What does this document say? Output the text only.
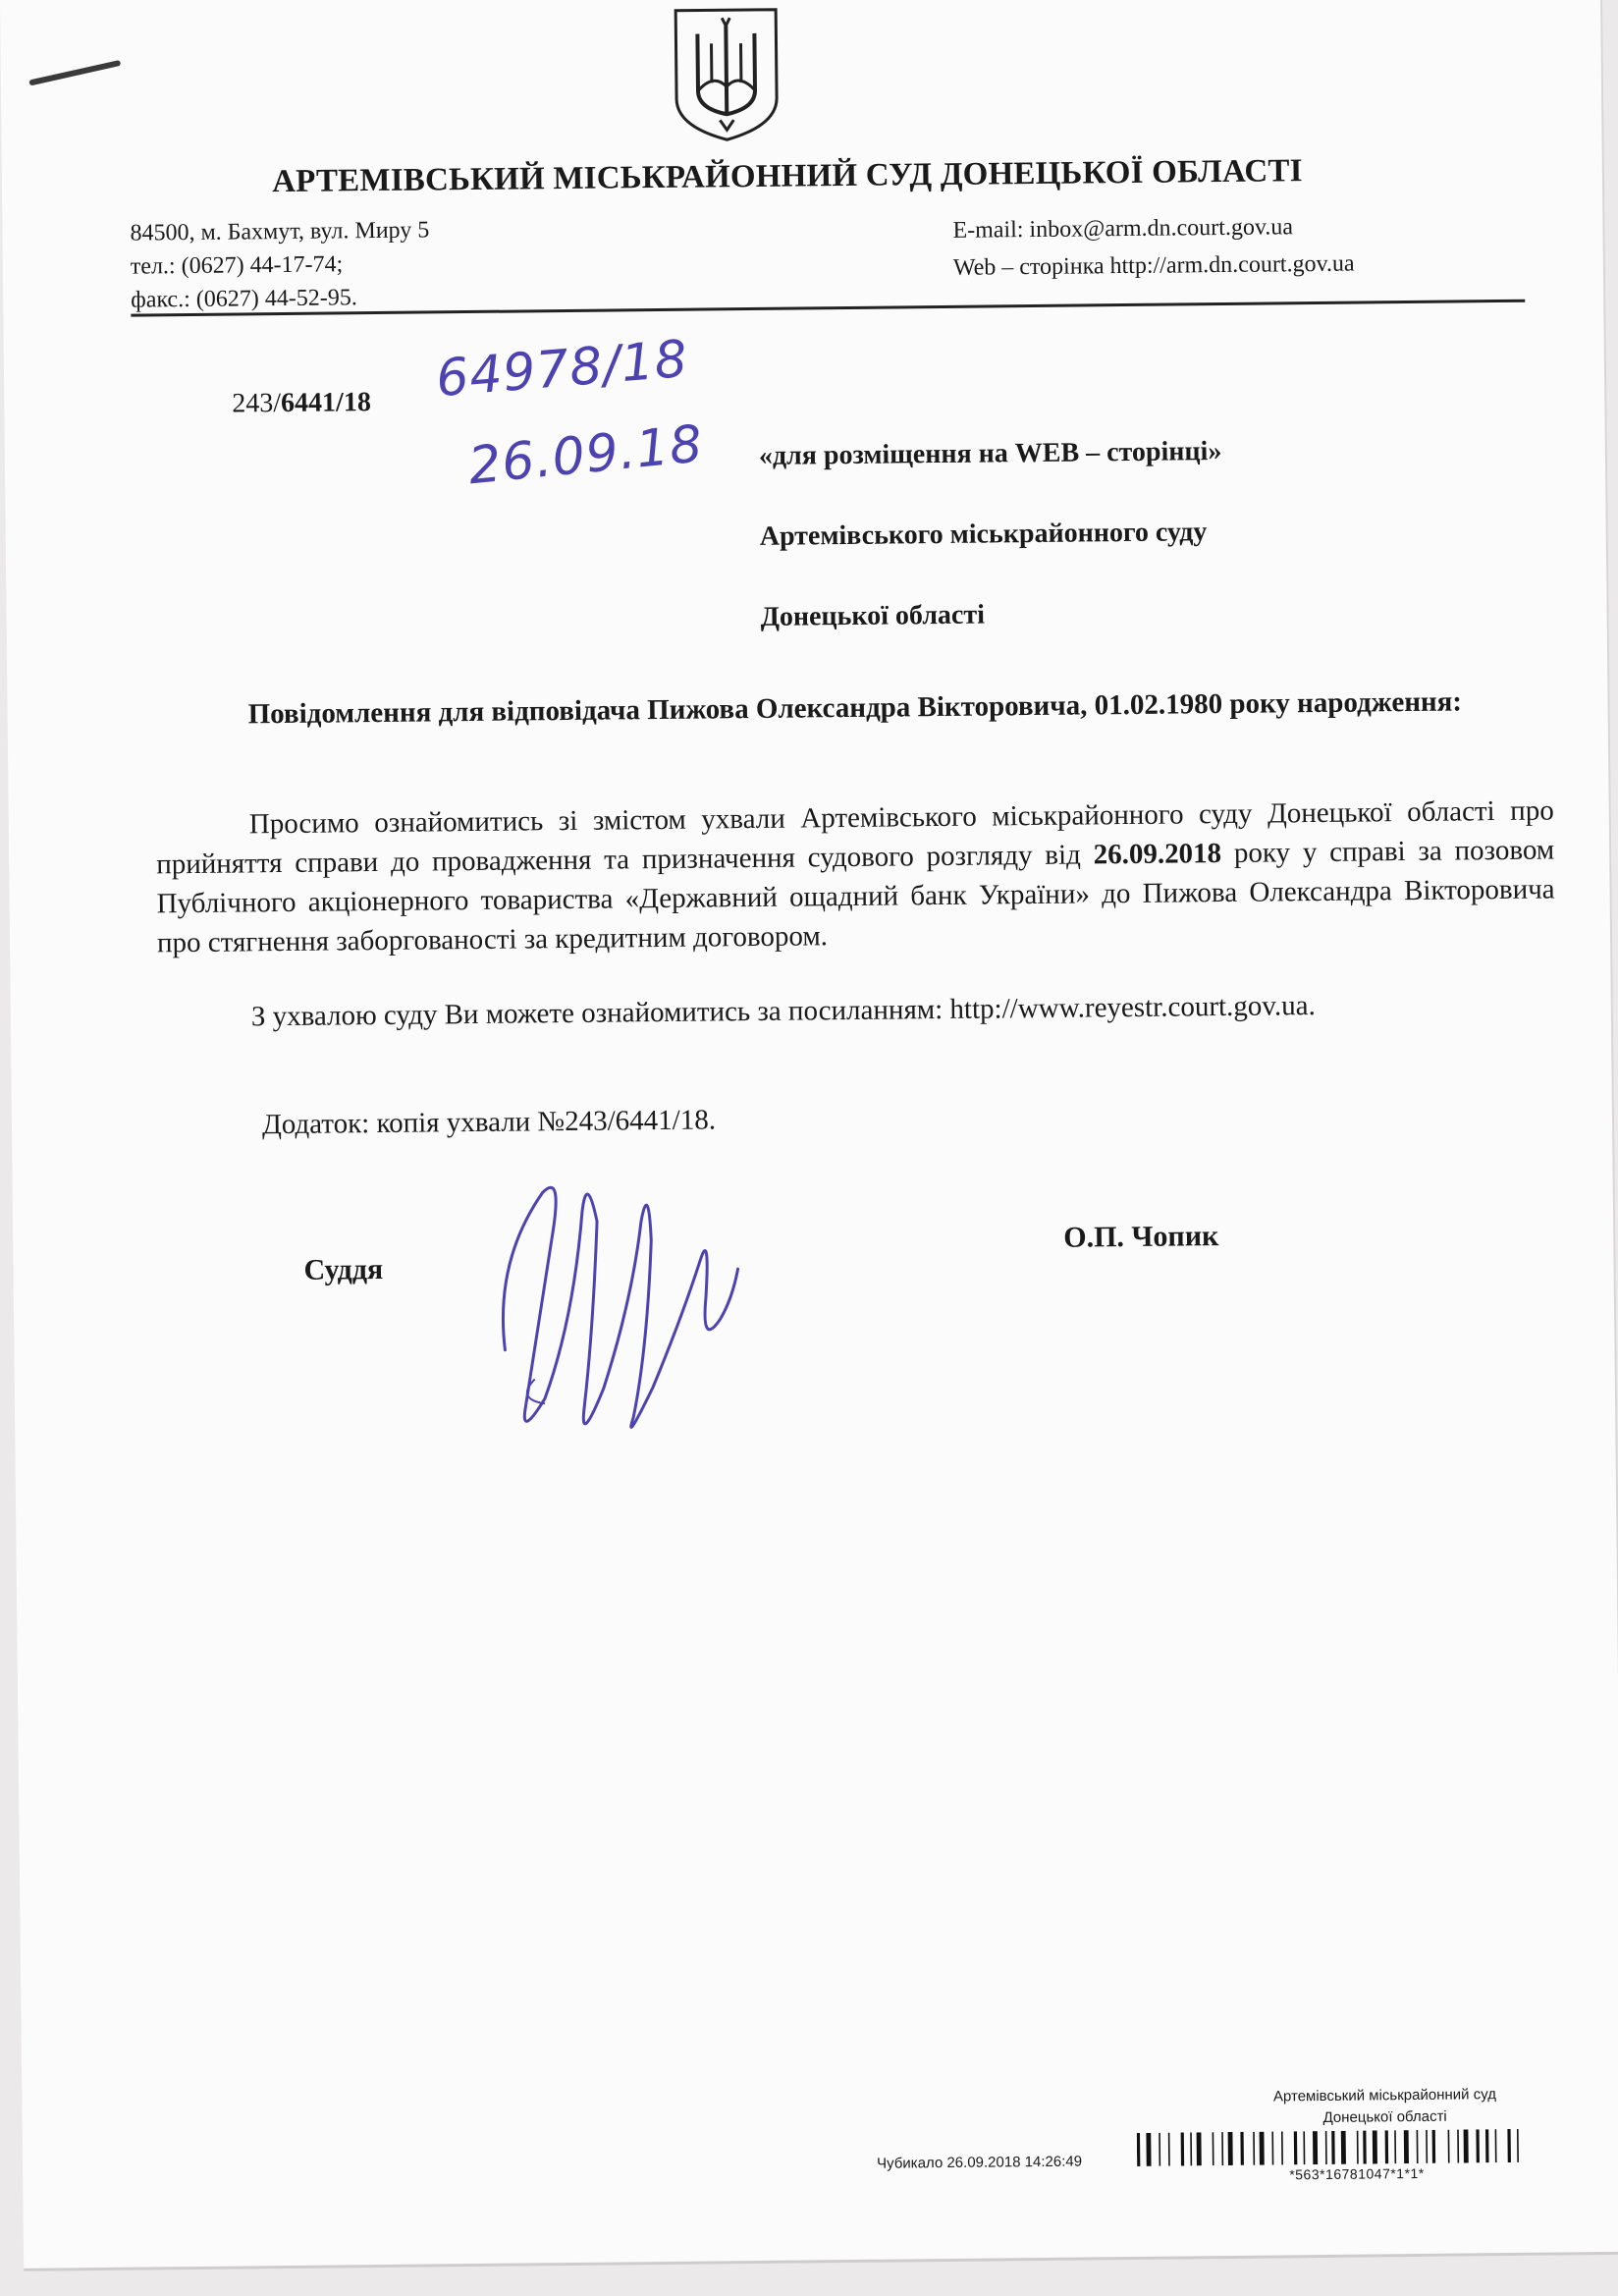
АРТЕМІВСЬКИЙ МІСЬКРАЙОННИЙ СУД ДОНЕЦЬКОЇ ОБЛАСТІ
84500, м. Бахмут, вул. Миру 5
тел.: (0627) 44-17-74;
факс.: (0627) 44-52-95.
E-mail: inbox@arm.dn.court.gov.ua
Web – сторінка http://arm.dn.court.gov.ua
243/6441/18 64978/18
26.09.18 «для розміщення на WEB – сторінці»
Артемівського міськрайонного суду
Донецької області
Повідомлення для відповідача Пижова Олександра Вікторовича, 01.02.1980 року народження:
Просимо ознайомитись зі змістом ухвали Артемівського міськрайонного суду Донецької області про прийняття справи до провадження та призначення судового розгляду від 26.09.2018 року у справі за позовом Публічного акціонерного товариства «Державний ощадний банк України» до Пижова Олександра Вікторовича про стягнення заборгованості за кредитним договором.
З ухвалою суду Ви можете ознайомитись за посиланням: http://www.reyestr.court.gov.ua.
Додаток: копія ухвали №243/6441/18.
Суддя
О.П. Чопик
Артемівський міськрайонний суд
Донецької області
Чубикало 26.09.2018 14:26:49
*563*16781047*1*1*
